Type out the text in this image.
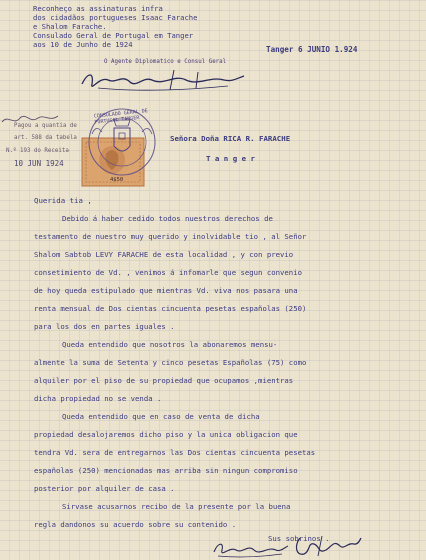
Reconheço as assinaturas infra
dos cidadãos portugueses Isaac Farache
e Shalom Farache.
Consulado Geral de Portugal em Tanger
aos 10 de Junho de 1924
Tanger 6 JUNIO 1.924
O Agente Diplomatico e Consul Geral
Pagou a quantia de
art. 588 da tabela
N.º 193 do Receita
10 JUN 1924
CONSULADO GERAL DE PORTUGAL TANGER
4$50
Señora Doña RICA R. FARACHE
T a n g e r
Querida tia ,
Debido á haber cedido todos nuestros derechos de
testamento de nuestro muy querido y inolvidable tio , al Señor
Shalom Sabtob LEVY FARACHE de esta localidad , y con previo
consetimiento de Vd. , venimos á infomarle que segun convenio
de hoy queda estipulado que mientras Vd. viva nos pasara una
renta mensual de Dos cientas cincuenta pesetas españolas (250)
para los dos en partes iguales .
Queda entendido que nosotros la abonaremos mensu-
almente la suma de Setenta y cinco pesetas Españolas (75) como
alquiler por el piso de su propiedad que ocupamos ,mientras
dicha propiedad no se venda .
Queda entendido que en caso de venta de dicha
propiedad desalojaremos dicho piso y la unica obligacion que
tendra Vd. sera de entregarnos las Dos cientas cincuenta pesetas
españolas (250) mencionadas mas arriba sin ningun compromiso
posterior por alquiler de casa .
Sirvase acusarnos recibo de la presente por la buena
regla dandonos su acuerdo sobre su contenido .
Sus sobrinos .
